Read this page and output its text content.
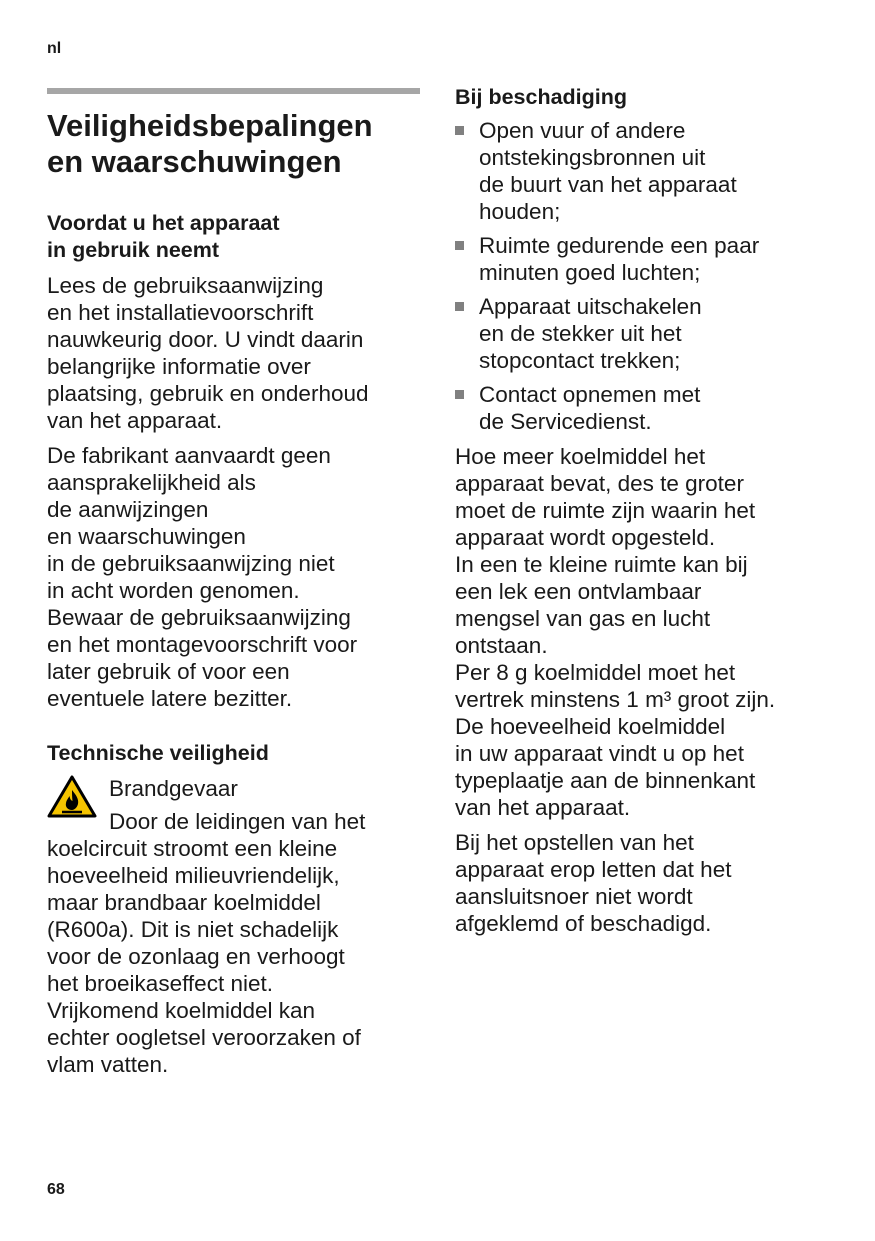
nl
Veiligheidsbepalingen
en waarschuwingen
Voordat u het apparaat
in gebruik neemt

Lees de gebruiksaanwijzing
en het installatievoorschrift
nauwkeurig door. U vindt daarin
belangrijke informatie over
plaatsing, gebruik en onderhoud
van het apparaat.

De fabrikant aanvaardt geen
aansprakelijkheid als
de aanwijzingen
en waarschuwingen
in de gebruiksaanwijzing niet
in acht worden genomen.
Bewaar de gebruiksaanwijzing
en het montagevoorschrift voor
later gebruik of voor een
eventuele latere bezitter.

Technische veiligheid
Brandgevaar
Door de leidingen van het
koelcircuit stroomt een kleine
hoeveelheid milieuvriendelijk,
maar brandbaar koelmiddel
(R600a). Dit is niet schadelijk
voor de ozonlaag en verhoogt
het broeikaseffect niet.
Vrijkomend koelmiddel kan
echter oogletsel veroorzaken of
vlam vatten.
Bij beschadiging
Open vuur of andere
ontstekingsbronnen uit
de buurt van het apparaat
houden;
Ruimte gedurende een paar
minuten goed luchten;
Apparaat uitschakelen
en de stekker uit het
stopcontact trekken;
Contact opnemen met
de Servicedienst.

Hoe meer koelmiddel het
apparaat bevat, des te groter
moet de ruimte zijn waarin het
apparaat wordt opgesteld.
In een te kleine ruimte kan bij
een lek een ontvlambaar
mengsel van gas en lucht
ontstaan.
Per 8 g koelmiddel moet het
vertrek minstens 1 m³ groot zijn.
De hoeveelheid koelmiddel
in uw apparaat vindt u op het
typeplaatje aan de binnenkant
van het apparaat.

Bij het opstellen van het
apparaat erop letten dat het
aansluitsnoer niet wordt
afgeklemd of beschadigd.

68
